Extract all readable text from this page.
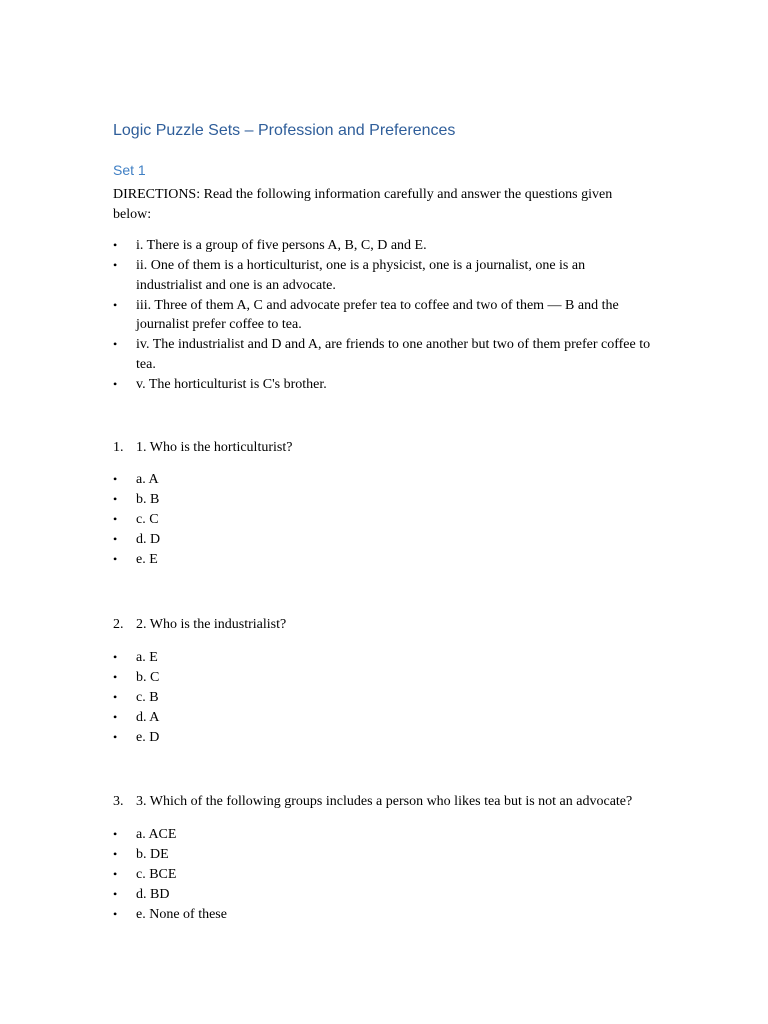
Logic Puzzle Sets – Profession and Preferences
Set 1
DIRECTIONS: Read the following information carefully and answer the questions given below:
•	i. There is a group of five persons A, B, C, D and E.
•	ii. One of them is a horticulturist, one is a physicist, one is a journalist, one is an industrialist and one is an advocate.
•	iii. Three of them A, C and advocate prefer tea to coffee and two of them — B and the journalist prefer coffee to tea.
•	iv. The industrialist and D and A, are friends to one another but two of them prefer coffee to tea.
•	v. The horticulturist is C's brother.
1. 1. Who is the horticulturist?
•	a. A
•	b. B
•	c. C
•	d. D
•	e. E
2. 2. Who is the industrialist?
•	a. E
•	b. C
•	c. B
•	d. A
•	e. D
3. 3. Which of the following groups includes a person who likes tea but is not an advocate?
•	a. ACE
•	b. DE
•	c. BCE
•	d. BD
•	e. None of these
